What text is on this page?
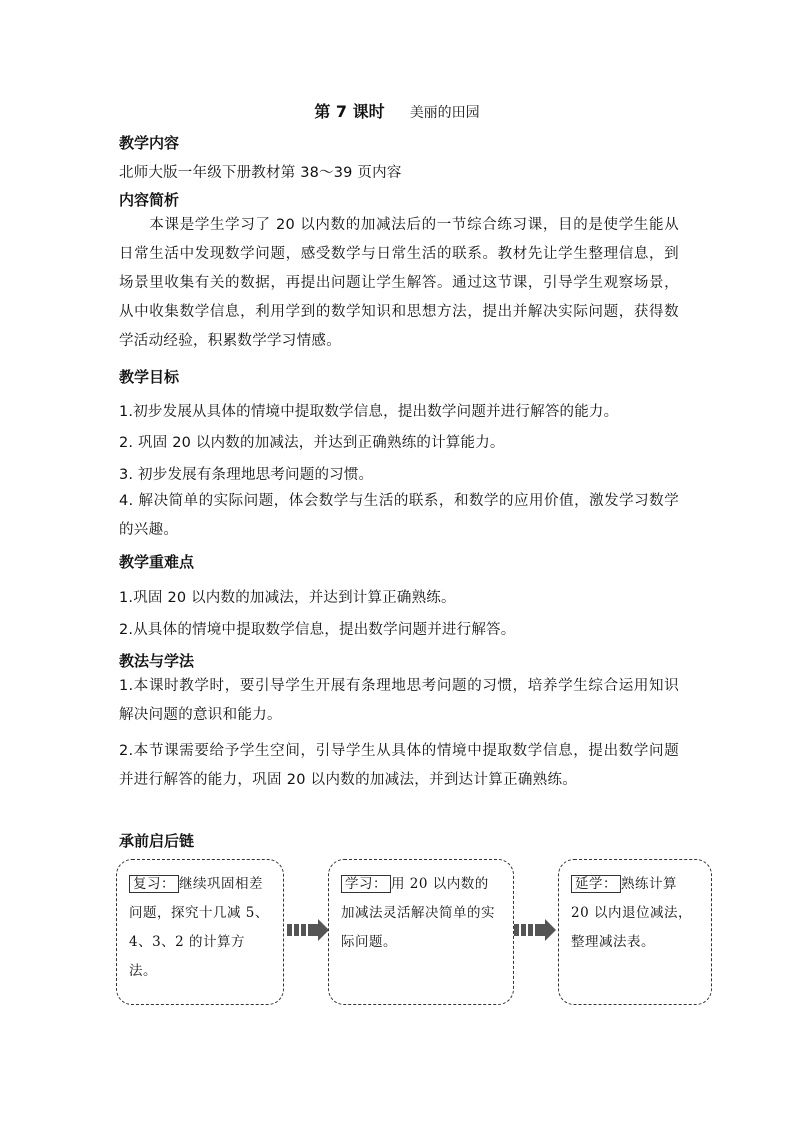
第 7 课时 美丽的田园
教学内容
北师大版一年级下册教材第 38～39 页内容
内容简析
本课是学生学习了 20 以内数的加减法后的一节综合练习课，目的是使学生能从日常生活中发现数学问题，感受数学与日常生活的联系。教材先让学生整理信息，到场景里收集有关的数据，再提出问题让学生解答。通过这节课，引导学生观察场景，从中收集数学信息，利用学到的数学知识和思想方法，提出并解决实际问题，获得数学活动经验，积累数学学习情感。
教学目标
1.初步发展从具体的情境中提取数学信息，提出数学问题并进行解答的能力。
2. 巩固 20 以内数的加减法，并达到正确熟练的计算能力。
3. 初步发展有条理地思考问题的习惯。
4. 解决简单的实际问题，体会数学与生活的联系，和数学的应用价值，激发学习数学的兴趣。
教学重难点
1.巩固 20 以内数的加减法，并达到计算正确熟练。
2.从具体的情境中提取数学信息，提出数学问题并进行解答。
教法与学法
1.本课时教学时，要引导学生开展有条理地思考问题的习惯，培养学生综合运用知识解决问题的意识和能力。
2.本节课需要给予学生空间，引导学生从具体的情境中提取数学信息，提出数学问题并进行解答的能力，巩固 20 以内数的加减法，并到达计算正确熟练。
承前启后链
复习： 继续巩固相差问题，探究十几减 5、4、3、2 的计算方法。
学习： 用 20 以内数的加减法灵活解决简单的实际问题。
延学： 熟练计算 20 以内退位减法，整理减法表。
